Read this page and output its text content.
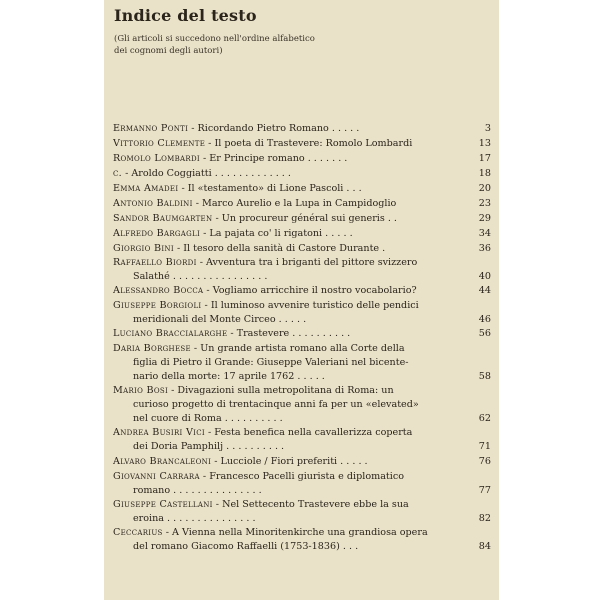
Indice del testo
(Gli articoli si succedono nell'ordine alfabetico
dei cognomi degli autori)
Ermanno Ponti - Ricordando Pietro Romano . . . . .	3
Vittorio Clemente - Il poeta di Trastevere: Romolo Lombardi	13
Romolo Lombardi - Er Principe romano . . . . . . .	17
c. - Aroldo Coggiatti . . . . . . . . . . . . .	18
Emma Amadei - Il «testamento» di Lione Pascoli . . .	20
Antonio Baldini - Marco Aurelio e la Lupa in Campidoglio	23
Sandor Baumgarten - Un procureur général sui generis . .	29
Alfredo Bargagli - La pajata co' li rigatoni . . . . .	34
Giorgio Bini - Il tesoro della sanità di Castore Durante .	36
Raffaello Biordi - Avventura tra i briganti del pittore svizzero
Salathé . . . . . . . . . . . . . . . .	40
Alessandro Bocca - Vogliamo arricchire il nostro vocabolario?	44
Giuseppe Borgioli - Il luminoso avvenire turistico delle pendici
meridionali del Monte Circeo . . . . .	46
Luciano Braccialarghe - Trastevere . . . . . . . . . .	56
Daria Borghese - Un grande artista romano alla Corte della
figlia di Pietro il Grande: Giuseppe Valeriani nel bicente-
nario della morte: 17 aprile 1762 . . . . .	58
Mario Bosi - Divagazioni sulla metropolitana di Roma: un
curioso progetto di trentacinque anni fa per un «elevated»
nel cuore di Roma . . . . . . . . . .	62
Andrea Busiri Vici - Festa benefica nella cavallerizza coperta
dei Doria Pamphilj . . . . . . . . . .	71
Alvaro Brancaleoni - Lucciole / Fiori preferiti . . . . .	76
Giovanni Carrara - Francesco Pacelli giurista e diplomatico
romano . . . . . . . . . . . . . . .	77
Giuseppe Castellani - Nel Settecento Trastevere ebbe la sua
eroina . . . . . . . . . . . . . . .	82
Ceccarius - A Vienna nella Minoritenkirche una grandiosa opera
del romano Giacomo Raffaelli (1753-1836) . . .	84
